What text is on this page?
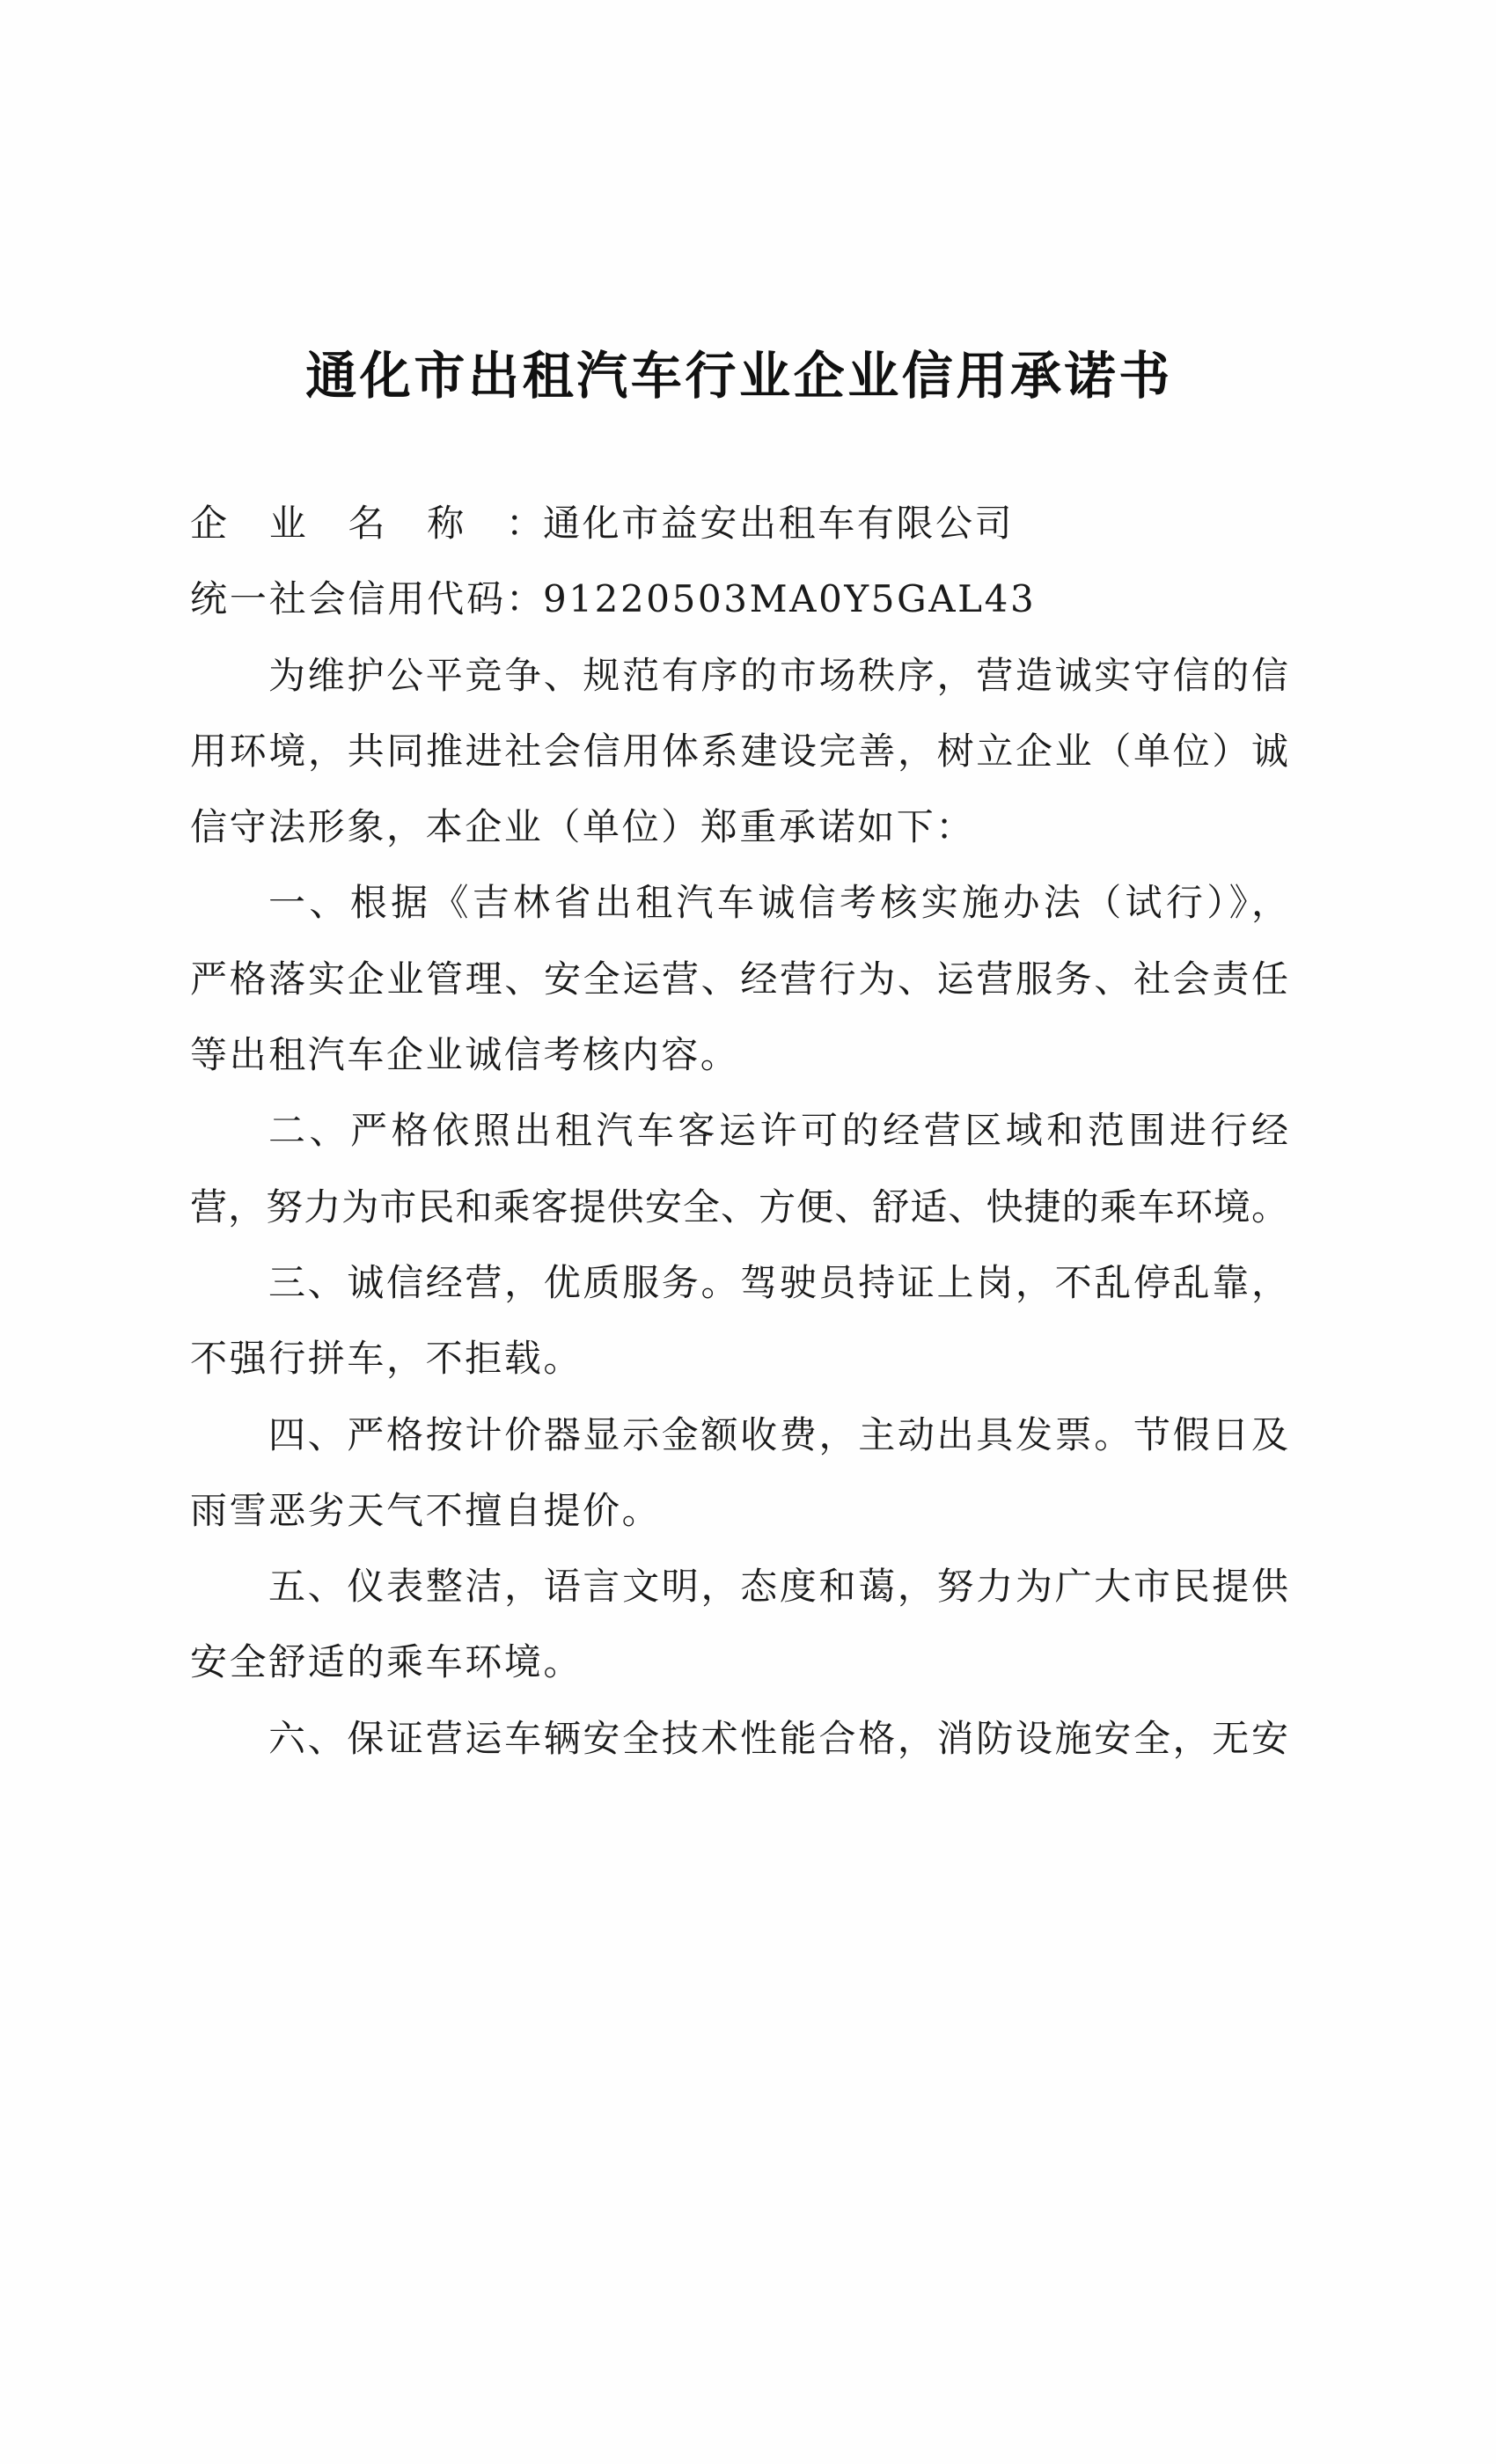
通化市出租汽车行业企业信用承诺书
企业名称：通化市益安出租车有限公司
统一社会信用代码：91220503MA0Y5GAL43
为维护公平竞争、规范有序的市场秩序，营造诚实守信的信
用环境，共同推进社会信用体系建设完善，树立企业（单位）诚
信守法形象，本企业（单位）郑重承诺如下：
一、根据《吉林省出租汽车诚信考核实施办法（试行）》，
严格落实企业管理、安全运营、经营行为、运营服务、社会责任
等出租汽车企业诚信考核内容。
二、严格依照出租汽车客运许可的经营区域和范围进行经
营，努力为市民和乘客提供安全、方便、舒适、快捷的乘车环境。
三、诚信经营，优质服务。驾驶员持证上岗，不乱停乱靠，
不强行拼车，不拒载。
四、严格按计价器显示金额收费，主动出具发票。节假日及
雨雪恶劣天气不擅自提价。
五、仪表整洁，语言文明，态度和蔼，努力为广大市民提供
安全舒适的乘车环境。
六、保证营运车辆安全技术性能合格，消防设施安全，无安
